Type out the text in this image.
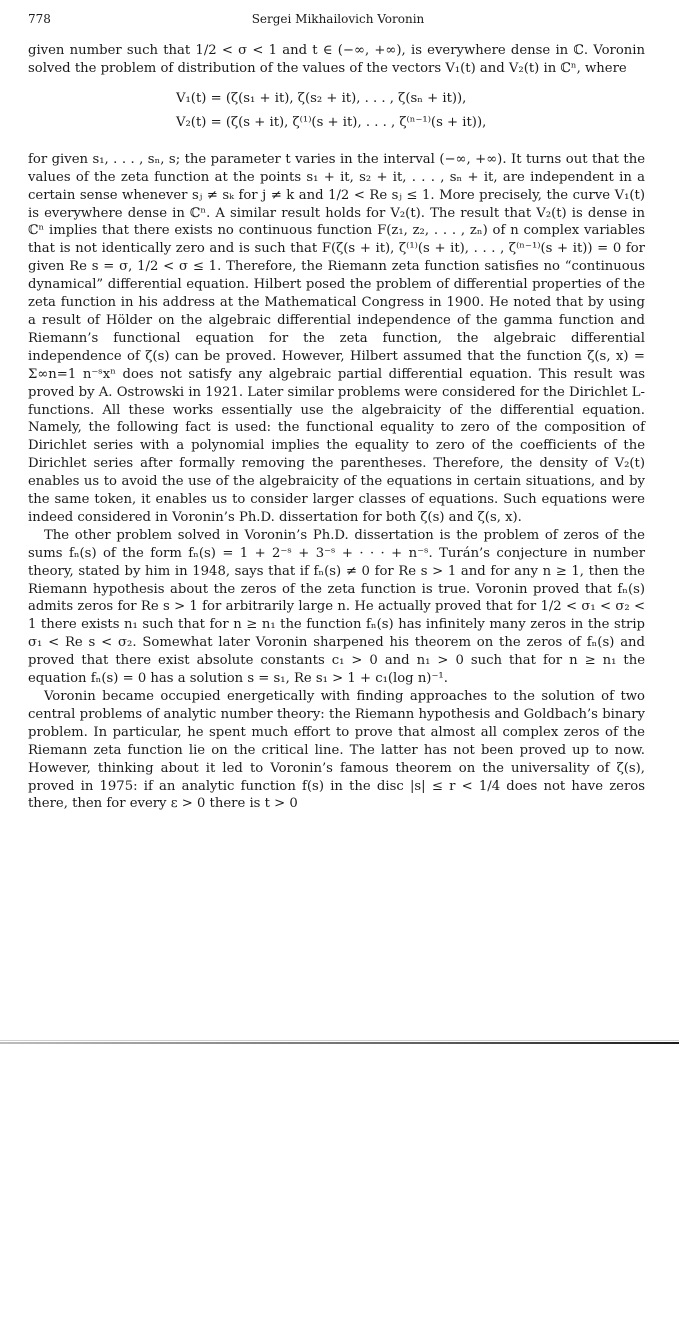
778	Sergei Mikhailovich Voronin

given number such that 1/2 < σ < 1 and t ∈ (−∞, +∞), is everywhere dense in ℂ. Voronin solved the problem of distribution of the values of the vectors V₁(t) and V₂(t) in ℂⁿ, where

V₁(t) = (ζ(s₁ + it), ζ(s₂ + it), . . . , ζ(sₙ + it)),
V₂(t) = (ζ(s + it), ζ⁽¹⁾(s + it), . . . , ζ⁽ⁿ⁻¹⁾(s + it)),

for given s₁, . . . , sₙ, s; the parameter t varies in the interval (−∞, +∞). It turns out that the values of the zeta function at the points s₁ + it, s₂ + it, . . . , sₙ + it, are independent in a certain sense whenever sⱼ ≠ sₖ for j ≠ k and 1/2 < Re sⱼ ≤ 1. More precisely, the curve V₁(t) is everywhere dense in ℂⁿ. A similar result holds for V₂(t). The result that V₂(t) is dense in ℂⁿ implies that there exists no continuous function F(z₁, z₂, . . . , zₙ) of n complex variables that is not identically zero and is such that F(ζ(s + it), ζ⁽¹⁾(s + it), . . . , ζ⁽ⁿ⁻¹⁾(s + it)) = 0 for given Re s = σ, 1/2 < σ ≤ 1. Therefore, the Riemann zeta function satisfies no “continuous dynamical” differential equation. Hilbert posed the problem of differential properties of the zeta function in his address at the Mathematical Congress in 1900. He noted that by using a result of Hölder on the algebraic differential independence of the gamma function and Riemann’s functional equation for the zeta function, the algebraic differential independence of ζ(s) can be proved. However, Hilbert assumed that the function ζ(s, x) = Σ∞n=1 n⁻ˢxⁿ does not satisfy any algebraic partial differential equation. This result was proved by A. Ostrowski in 1921. Later similar problems were considered for the Dirichlet L-functions. All these works essentially use the algebraicity of the differential equation. Namely, the following fact is used: the functional equality to zero of the composition of Dirichlet series with a polynomial implies the equality to zero of the coefficients of the Dirichlet series after formally removing the parentheses. Therefore, the density of V₂(t) enables us to avoid the use of the algebraicity of the equations in certain situations, and by the same token, it enables us to consider larger classes of equations. Such equations were indeed considered in Voronin’s Ph.D. dissertation for both ζ(s) and ζ(s, x).

The other problem solved in Voronin’s Ph.D. dissertation is the problem of zeros of the sums fₙ(s) of the form fₙ(s) = 1 + 2⁻ˢ + 3⁻ˢ + · · · + n⁻ˢ. Turán’s conjecture in number theory, stated by him in 1948, says that if fₙ(s) ≠ 0 for Re s > 1 and for any n ≥ 1, then the Riemann hypothesis about the zeros of the zeta function is true. Voronin proved that fₙ(s) admits zeros for Re s > 1 for arbitrarily large n. He actually proved that for 1/2 < σ₁ < σ₂ < 1 there exists n₁ such that for n ≥ n₁ the function fₙ(s) has infinitely many zeros in the strip σ₁ < Re s < σ₂. Somewhat later Voronin sharpened his theorem on the zeros of fₙ(s) and proved that there exist absolute constants c₁ > 0 and n₁ > 0 such that for n ≥ n₁ the equation fₙ(s) = 0 has a solution s = s₁, Re s₁ > 1 + c₁(log n)⁻¹.

Voronin became occupied energetically with finding approaches to the solution of two central problems of analytic number theory: the Riemann hypothesis and Goldbach’s binary problem. In particular, he spent much effort to prove that almost all complex zeros of the Riemann zeta function lie on the critical line. The latter has not been proved up to now. However, thinking about it led to Voronin’s famous theorem on the universality of ζ(s), proved in 1975: if an analytic function f(s) in the disc |s| ≤ r < 1/4 does not have zeros there, then for every ε > 0 there is t > 0
